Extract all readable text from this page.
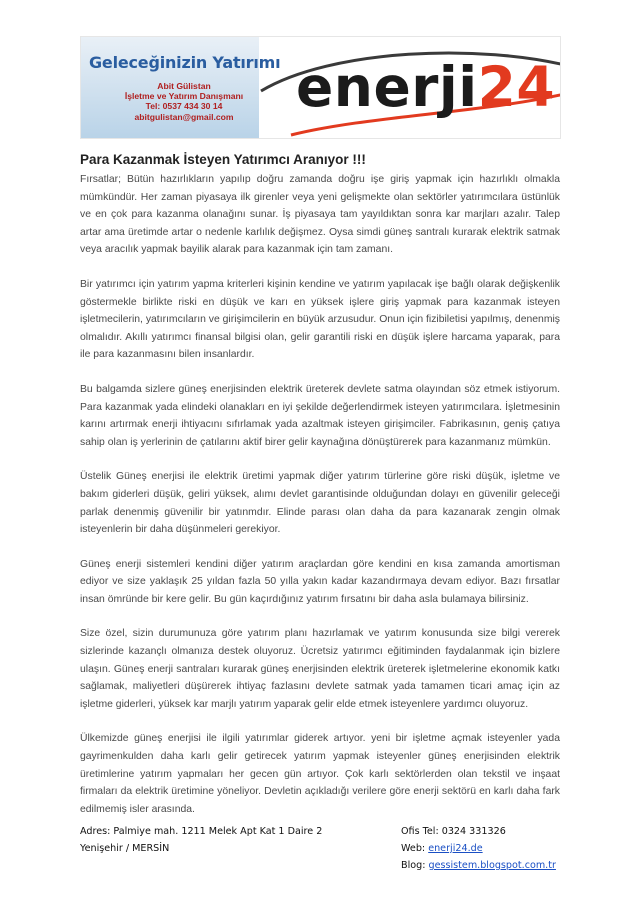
Geleceğinizin Yatırımı
Abit Gülistan
İşletme ve Yatırım Danışmanı
Tel: 0537 434 30 14
abitgulistan@gmail.com enerji24
Para Kazanmak İsteyen Yatırımcı Aranıyor !!!

Fırsatlar; Bütün hazırlıkların yapılıp doğru zamanda doğru işe giriş yapmak için hazırlıklı olmakla mümkündür. Her zaman piyasaya ilk girenler veya yeni gelişmekte olan sektörler yatırımcılara üstünlük ve en çok para kazanma olanağını sunar. İş piyasaya tam yayıldıktan sonra kar marjları azalır. Talep artar ama üretimde artar o nedenle karlılık değişmez. Oysa simdi güneş santralı kurarak elektrik satmak veya aracılık yapmak bayilik alarak para kazanmak için tam zamanı.

Bir yatırımcı için yatırım yapma kriterleri kişinin kendine ve yatırım yapılacak işe bağlı olarak değişkenlik göstermekle birlikte riski en düşük ve karı en yüksek işlere giriş yapmak para kazanmak isteyen işletmecilerin, yatırımcıların ve girişimcilerin en büyük arzusudur. Onun için fizibiletisi yapılmış, denenmiş olmalıdır. Akıllı yatırımcı finansal bilgisi olan, gelir garantili riski en düşük işlere harcama yaparak, para ile para kazanmasını bilen insanlardır.

Bu balgamda sizlere güneş enerjisinden elektrik üreterek devlete satma olayından söz etmek istiyorum. Para kazanmak yada elindeki olanakları en iyi şekilde değerlendirmek isteyen yatırımcılara. İşletmesinin karını artırmak enerji ihtiyacını sıfırlamak yada azaltmak isteyen girişimciler. Fabrikasının, geniş çatıya sahip olan iş yerlerinin de çatılarını aktif birer gelir kaynağına dönüştürerek para kazanmanız mümkün.

Üstelik Güneş enerjisi ile elektrik üretimi yapmak diğer yatırım türlerine göre riski düşük, işletme ve bakım giderleri düşük, geliri yüksek, alımı devlet garantisinde olduğundan dolayı en güvenilir geleceği parlak denenmiş güvenilir bir yatınmdır. Elinde parası olan daha da para kazanarak zengin olmak isteyenlerin bir daha düşünmeleri gerekiyor.

Güneş enerji sistemleri kendini diğer yatırım araçlardan göre kendini en kısa zamanda amortisman ediyor ve size yaklaşık 25 yıldan fazla 50 yılla yakın kadar kazandırmaya devam ediyor. Bazı fırsatlar insan ömründe bir kere gelir. Bu gün kaçırdığınız yatırım fırsatını bir daha asla bulamaya bilirsiniz.

Size özel, sizin durumunuza göre yatırım planı hazırlamak ve yatırım konusunda size bilgi vererek sizlerinde kazançlı olmanıza destek oluyoruz. Ücretsiz yatırımcı eğitiminden faydalanmak için bizlere ulaşın. Güneş enerji santraları kurarak güneş enerjisinden elektrik üreterek işletmelerine ekonomik katkı sağlamak, maliyetleri düşürerek ihtiyaç fazlasını devlete satmak yada tamamen ticari amaç için az işletme giderleri, yüksek kar marjlı yatırım yaparak gelir elde etmek isteyenlere yardımcı oluyoruz.

Ülkemizde güneş enerjisi ile ilgili yatırımlar giderek artıyor. yeni bir işletme açmak isteyenler yada gayrimenkulden daha karlı gelir getirecek yatırım yapmak isteyenler güneş enerjisinden elektrik üretimlerine yatırım yapmaları her gecen gün artıyor. Çok karlı sektörlerden olan tekstil ve inşaat firmaları da elektrik üretimine yöneliyor. Devletin açıkladığı verilere göre enerji sektörü en karlı daha fark edilmemiş isler arasında.

Adres: Palmiye mah. 1211 Melek Apt Kat 1 Daire 2
Yenişehir / MERSİN
Ofis Tel: 0324 331326
Web: enerji24.de
Blog: gessistem.blogspot.com.tr
